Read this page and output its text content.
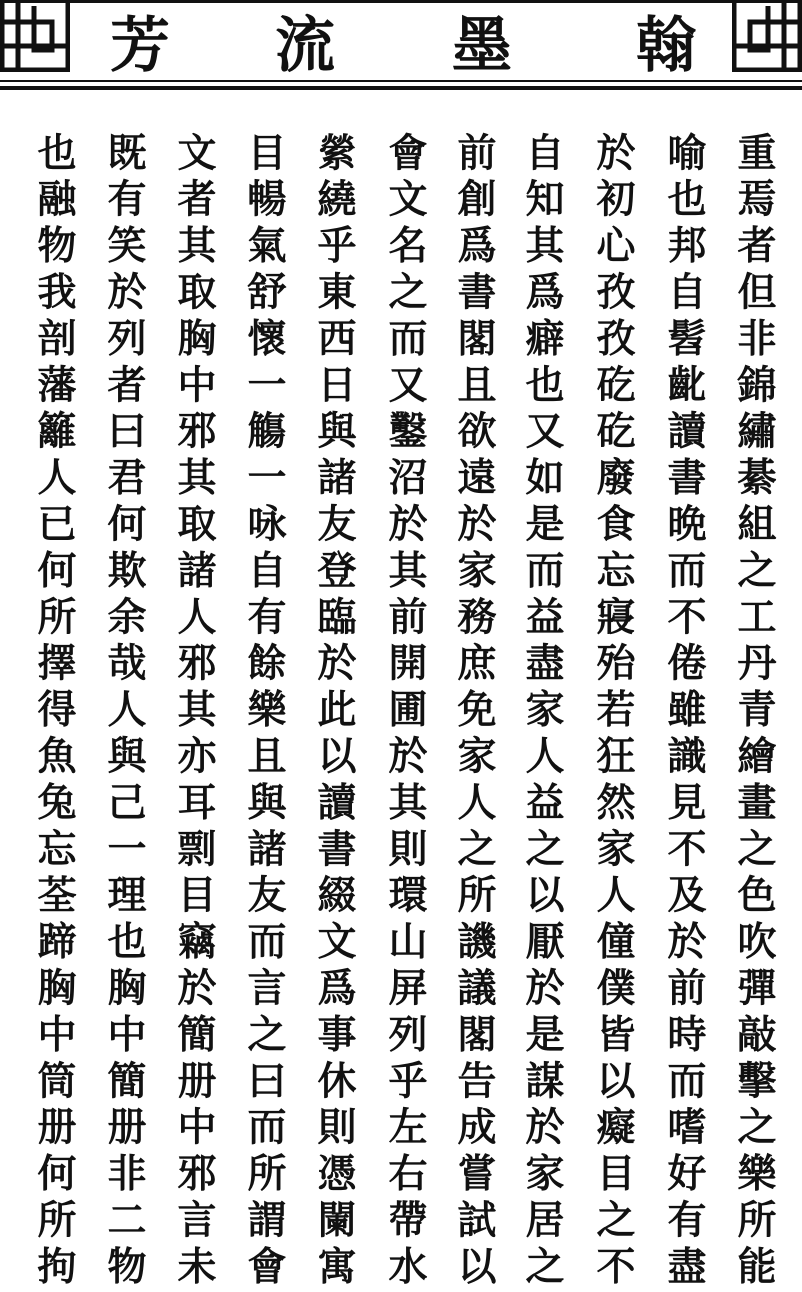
芳 流 墨 翰
重焉者但非錦繡綦組之工丹青繪畫之色吹彈敲擊之樂所能
喻也邦自髫齔讀書晩而不倦雖識見不及於前時而嗜好有盡
於初心孜孜矻矻廢食忘寢殆若狂然家人僮僕皆以癡目之不
自知其爲癖也又如是而益盡家人益之以厭於是謀於家居之
前創爲書閣且欲遠於家務庶免家人之所譏議閣告成嘗試以
會文名之而又鑿沼於其前開圃於其則環山屏列乎左右帶水
縈繞乎東西日與諸友登臨於此以讀書綴文爲事休則憑闌寓
目暢氣舒懷一觴一咏自有餘樂且與諸友而言之曰而所謂會
文者其取胸中邪其取諸人邪其亦耳剽目竊於簡册中邪言未
既有笑於列者曰君何欺余哉人與己一理也胸中簡册非二物
也融物我剖藩籬人已何所擇得魚兔忘荃蹄胸中筒册何所拘
